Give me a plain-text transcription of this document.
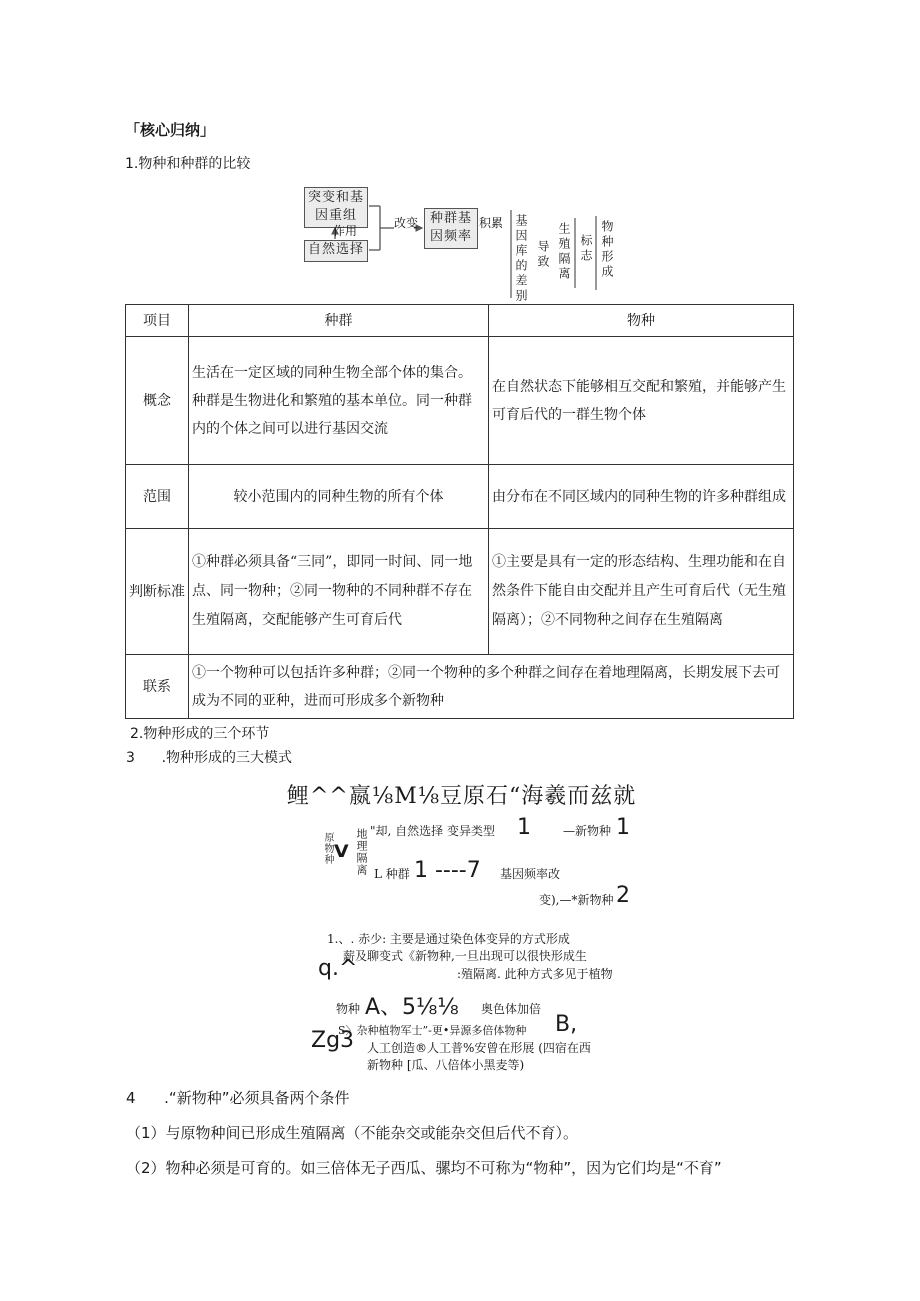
「核心归纳」
1.物种和种群的比较
突变和基因重组
自然选择
种群基因频率
作用
改变	积累 基因库的差别 导致 生殖隔离 标志 物种形成
项目	种群	物种
概念	生活在一定区域的同种生物全部个体的集合。种群是生物进化和繁殖的基本单位。同一种群内的个体之间可以进行基因交流	在自然状态下能够相互交配和繁殖，并能够产生可育后代的一群生物个体
范围	较小范围内的同种生物的所有个体	由分布在不同区域内的同种生物的许多种群组成
判断标准	①种群必须具备“三同”，即同一时间、同一地点、同一物种；②同一物种的不同种群不存在生殖隔离，交配能够产生可育后代	①主要是具有一定的形态结构、生理功能和在自然条件下能自由交配并且产生可育后代（无生殖隔离）；②不同物种之间存在生殖隔离
联系	①一个物种可以包括许多种群；②同一个物种的多个种群之间存在着地理隔离，长期发展下去可成为不同的亚种，进而可形成多个新物种	
2.物种形成的三个环节
3	.物种形成的三大模式
鲤^^嬴⅛M⅛豆原石“海羲而兹就
"却, 自然选择 变异类型 1	—新物种 1
原物种 ⱽ 地理隔离 L 种群 1 ----7 基因频率改
变),—*新物种 2
1.、. 赤少: 主要是通过染色体变异的方式形成
薪及聊变式《新物种,一旦出现可以很快形成生
q.^	:殖隔离. 此种方式多见于植物
物种 A、5⅛⅛ 奥色体加倍
S〉杂种植物军士”-更•异源多倍体物种 B,
Zg3 人工创造®人工普%安曾在形展 (四宿在西
新物种 [瓜、八倍体小黑麦等)
4	.“新物种”必须具备两个条件
（1）与原物种间已形成生殖隔离（不能杂交或能杂交但后代不育）。
（2）物种必须是可育的。如三倍体无子西瓜、骡均不可称为“物种”，因为它们均是“不育”
